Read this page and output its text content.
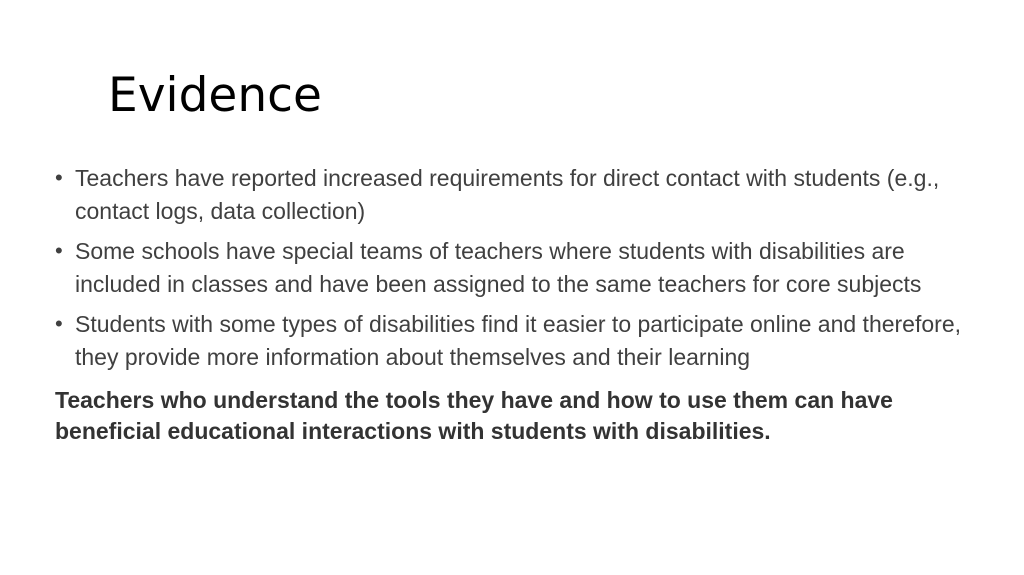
Evidence
• Teachers have reported increased requirements for direct contact with students (e.g., contact logs, data collection)
• Some schools have special teams of teachers where students with disabilities are included in classes and have been assigned to the same teachers for core subjects
• Students with some types of disabilities find it easier to participate online and therefore, they provide more information about themselves and their learning

Teachers who understand the tools they have and how to use them can have beneficial educational interactions with students with disabilities.
